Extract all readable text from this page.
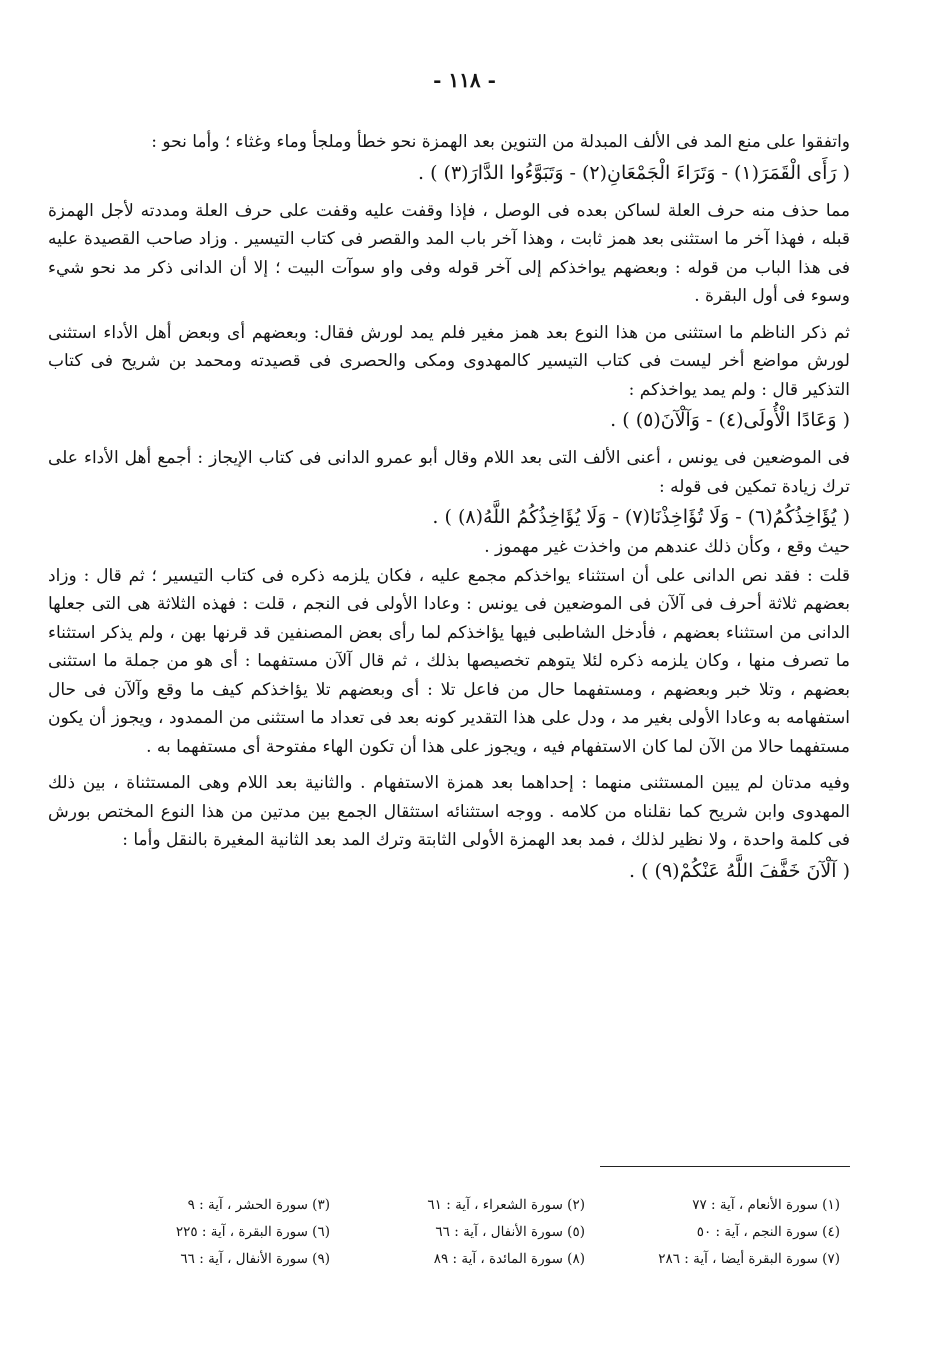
- ١١٨ -

واتفقوا على منع المد فى الألف المبدلة من التنوين بعد الهمزة نحو خطأ وملجأ وماء وغثاء ؛ وأما نحو :

( رَأَى الْقَمَرَ(١) - وَتَرَاءَ الْجَمْعَانِ(٢) - وَتَبَوَّءُوا الدَّارَ(٣) ) .

مما حذف منه حرف العلة لساكن بعده فى الوصل ، فإذا وقفت عليه وقفت على حرف العلة ومددته لأجل الهمزة قبله ، فهذا آخر ما استثنى بعد همز ثابت ، وهذا آخر باب المد والقصر فى كتاب التيسير . وزاد صاحب القصيدة عليه فى هذا الباب من قوله : وبعضهم يواخذكم إلى آخر قوله وفى واو سوآت البيت ؛ إلا أن الدانى ذكر مد نحو شيء وسوء فى أول البقرة .

ثم ذكر الناظم ما استثنى من هذا النوع بعد همز مغير فلم يمد لورش فقال: وبعضهم أى وبعض أهل الأداء استثنى لورش مواضع أخر ليست فى كتاب التيسير كالمهدوى ومكى والحصرى فى قصيدته ومحمد بن شريح فى كتاب التذكير قال : ولم يمد يواخذكم :

( وَعَادًا الْأُولَى(٤) - وَآلْآنَ(٥) ) .

فى الموضعين فى يونس ، أعنى الألف التى بعد اللام وقال أبو عمرو الدانى فى كتاب الإيجاز : أجمع أهل الأداء على ترك زيادة تمكين فى قوله :

( يُؤَاخِذُكُمُ(٦) - وَلَا تُؤَاخِذْنَا(٧) - وَلَا يُؤَاخِذُكُمُ اللَّهُ(٨) ) .

حيث وقع ، وكأن ذلك عندهم من واخذت غير مهموز .

قلت : فقد نص الدانى على أن استثناء يواخذكم مجمع عليه ، فكان يلزمه ذكره فى كتاب التيسير ؛ ثم قال : وزاد بعضهم ثلاثة أحرف فى آلآن فى الموضعين فى يونس : وعادا الأولى فى النجم ، قلت : فهذه الثلاثة هى التى جعلها الدانى من استثناء بعضهم ، فأدخل الشاطبى فيها يؤاخذكم لما رأى بعض المصنفين قد قرنها بهن ، ولم يذكر استثناء ما تصرف منها ، وكان يلزمه ذكره لئلا يتوهم تخصيصها بذلك ، ثم قال آلآن مستفهما : أى هو من جملة ما استثنى بعضهم ، وتلا خبر وبعضهم ، ومستفهما حال من فاعل تلا : أى وبعضهم تلا يؤاخذكم كيف ما وقع وآلآن فى حال استفهامه به وعادا الأولى بغير مد ، ودل على هذا التقدير كونه بعد فى تعداد ما استثنى من الممدود ، ويجوز أن يكون مستفهما حالا من الآن لما كان الاستفهام فيه ، ويجوز على هذا أن تكون الهاء مفتوحة أى مستفهما به .

وفيه مدتان لم يبين المستثنى منهما : إحداهما بعد همزة الاستفهام . والثانية بعد اللام وهى المستثناة ، بين ذلك المهدوى وابن شريح كما نقلناه من كلامه . ووجه استثنائه استثقال الجمع بين مدتين من هذا النوع المختص بورش فى كلمة واحدة ، ولا نظير لذلك ، فمد بعد الهمزة الأولى الثابتة وترك المد بعد الثانية المغيرة بالنقل وأما :

( آلْآنَ خَفَّفَ اللَّهُ عَنْكُمْ(٩) ) .

(١) سورة الأنعام ، آية : ٧٧
(٢) سورة الشعراء ، آية : ٦١
(٣) سورة الحشر ، آية : ٩
(٤) سورة النجم ، آية : ٥٠
(٥) سورة الأنفال ، آية : ٦٦
(٦) سورة البقرة ، آية : ٢٢٥
(٧) سورة البقرة أيضا ، آية : ٢٨٦
(٨) سورة المائدة ، آية : ٨٩
(٩) سورة الأنفال ، آية : ٦٦
